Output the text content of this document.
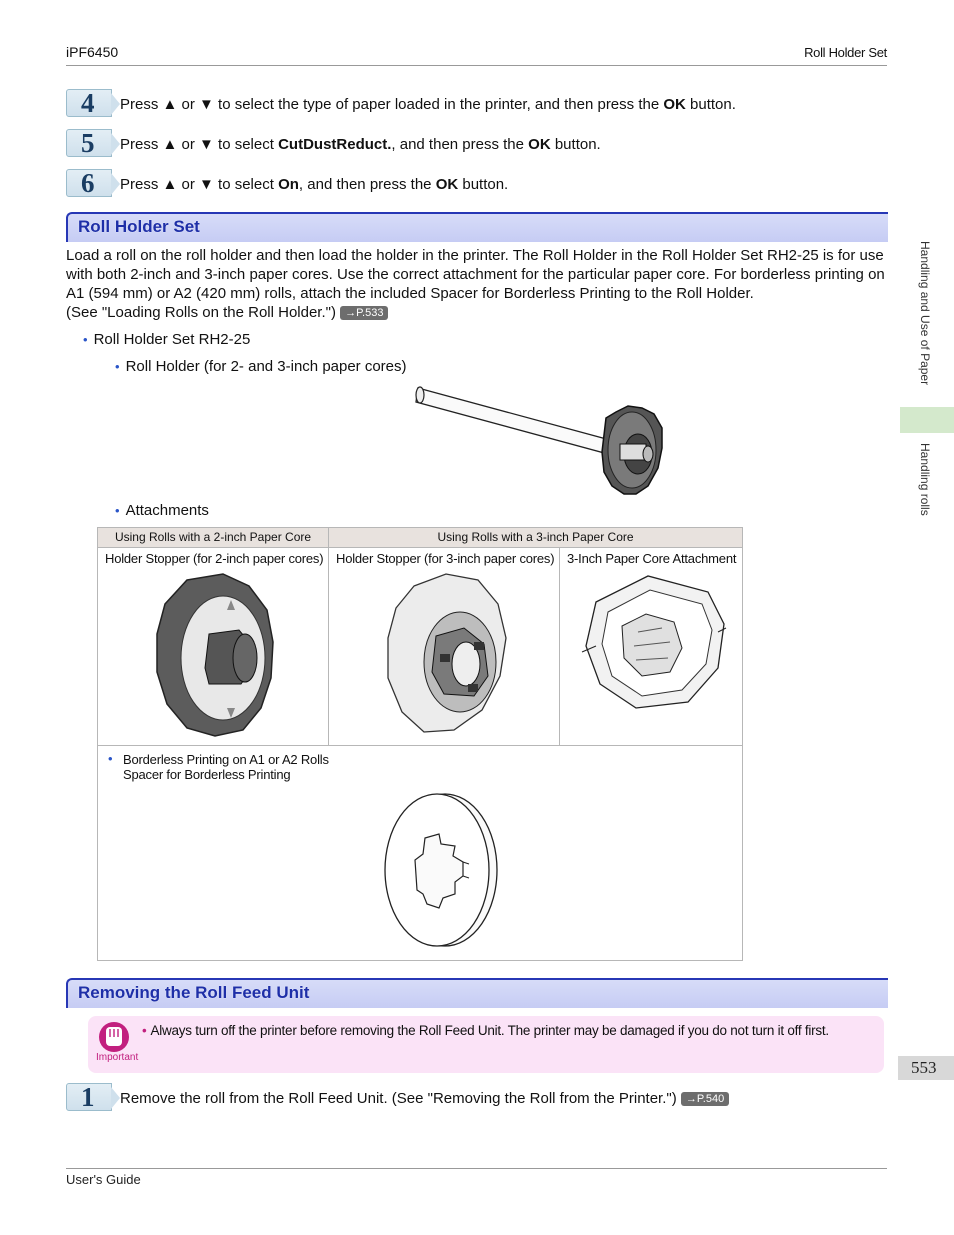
iPF6450	Roll Holder Set
4	Press ▲ or ▼ to select the type of paper loaded in the printer, and then press the OK button.
5	Press ▲ or ▼ to select CutDustReduct., and then press the OK button.
6	Press ▲ or ▼ to select On, and then press the OK button.
Roll Holder Set
Load a roll on the roll holder and then load the holder in the printer. The Roll Holder in the Roll Holder Set RH2-25 is for use with both 2-inch and 3-inch paper cores. Use the correct attachment for the particular paper core. For borderless printing on A1 (594 mm) or A2 (420 mm) rolls, attach the included Spacer for Borderless Printing to the Roll Holder.
(See "Loading Rolls on the Roll Holder.") →P.533
• Roll Holder Set RH2-25
• Roll Holder (for 2- and 3-inch paper cores)
• Attachments
Using Rolls with a 2-inch Paper Core	Using Rolls with a 3-inch Paper Core	

Holder Stopper (for 2-inch paper cores)	Holder Stopper (for 3-inch paper cores)	3-Inch Paper Core Attachment

• Borderless Printing on A1 or A2 Rolls
Spacer for Borderless Printing		
Removing the Roll Feed Unit
Important
• Always turn off the printer before removing the Roll Feed Unit. The printer may be damaged if you do not turn it off first.
1	Remove the roll from the Roll Feed Unit. (See "Removing the Roll from the Printer.") →P.540
Handling and Use of Paper
Handling rolls
553
User's Guide
